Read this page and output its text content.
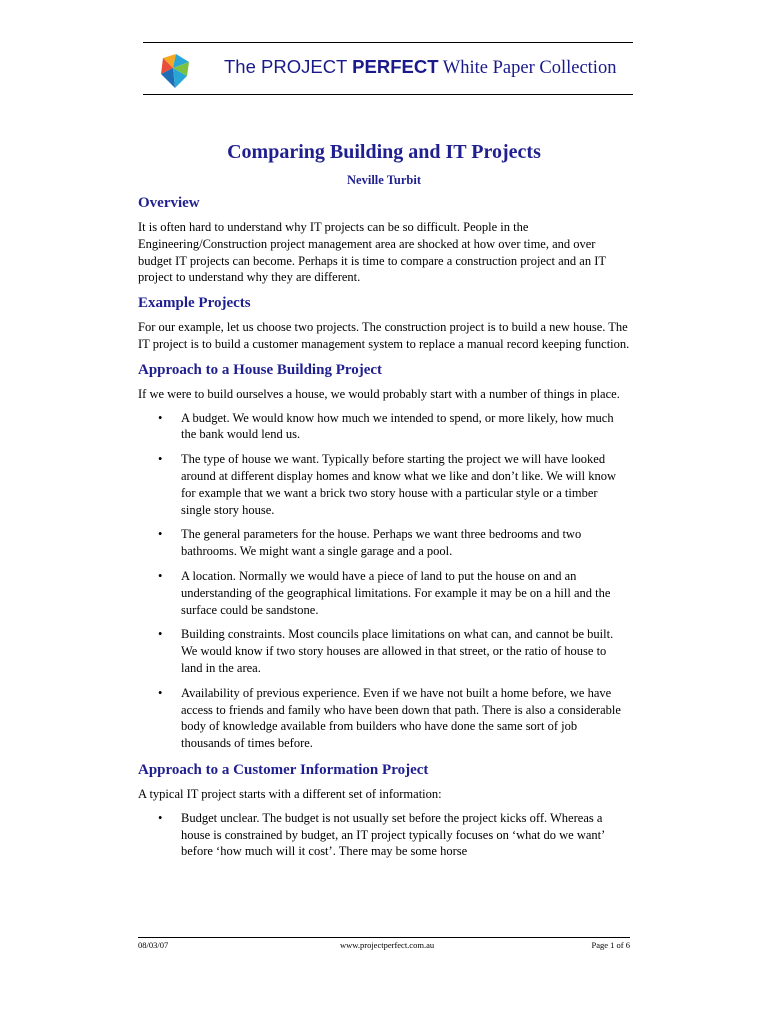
The PROJECT PERFECT White Paper Collection
Comparing Building and IT Projects
Neville Turbit
Overview

It is often hard to understand why IT projects can be so difficult. People in the Engineering/Construction project management area are shocked at how over time, and over budget IT projects can become. Perhaps it is time to compare a construction project and an IT project to understand why they are different.

Example Projects

For our example, let us choose two projects. The construction project is to build a new house. The IT project is to build a customer management system to replace a manual record keeping function.

Approach to a House Building Project

If we were to build ourselves a house, we would probably start with a number of things in place.

• A budget. We would know how much we intended to spend, or more likely, how much the bank would lend us.
• The type of house we want. Typically before starting the project we will have looked around at different display homes and know what we like and don’t like. We will know for example that we want a brick two story house with a particular style or a timber single story house.
• The general parameters for the house. Perhaps we want three bedrooms and two bathrooms. We might want a single garage and a pool.
• A location. Normally we would have a piece of land to put the house on and an understanding of the geographical limitations. For example it may be on a hill and the surface could be sandstone.
• Building constraints. Most councils place limitations on what can, and cannot be built. We would know if two story houses are allowed in that street, or the ratio of house to land in the area.
• Availability of previous experience. Even if we have not built a home before, we have access to friends and family who have been down that path. There is also a considerable body of knowledge available from builders who have done the same sort of job thousands of times before.
Approach to a Customer Information Project

A typical IT project starts with a different set of information:

• Budget unclear. The budget is not usually set before the project kicks off. Whereas a house is constrained by budget, an IT project typically focuses on ‘what do we want’ before ‘how much will it cost’. There may be some horse
08/03/07	www.projectperfect.com.au	Page 1 of 6
